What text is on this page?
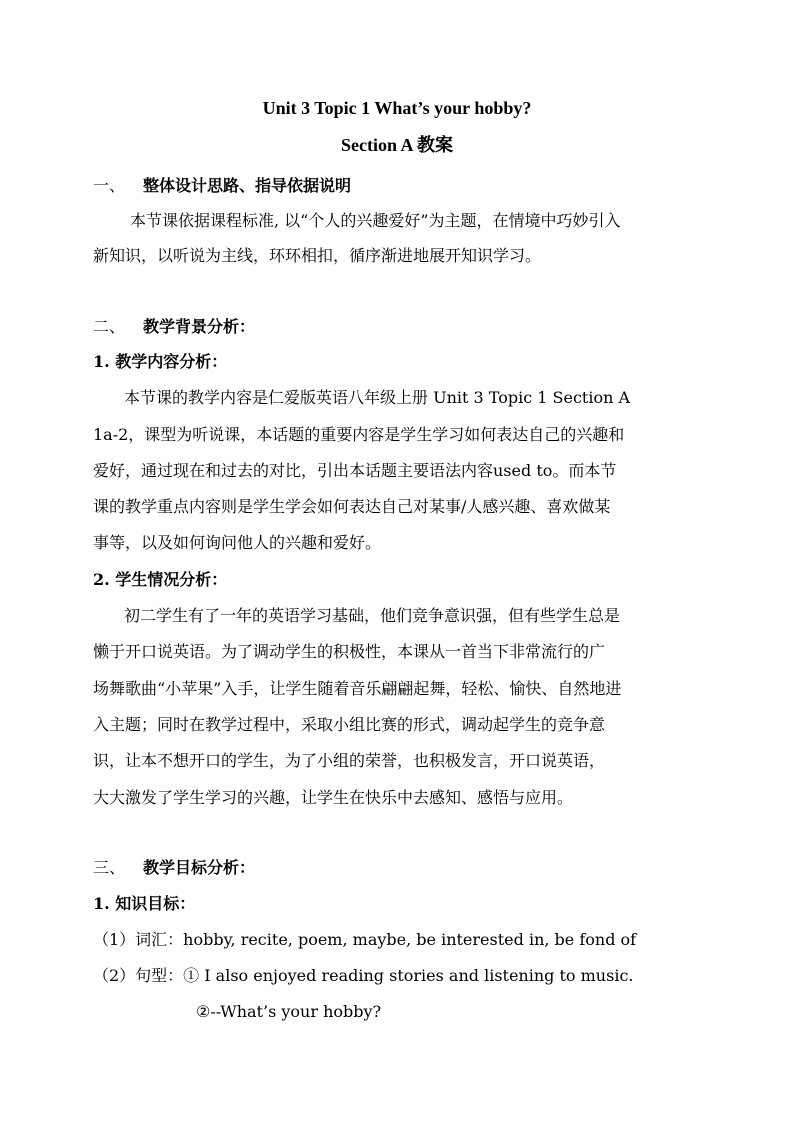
Unit 3 Topic 1 What’s your hobby?
Section A 教案
一、 整体设计思路、指导依据说明
本节课依据课程标准, 以“个人的兴趣爱好”为主题，在情境中巧妙引入
新知识，以听说为主线，环环相扣，循序渐进地展开知识学习。
二、 教学背景分析：
1. 教学内容分析：
本节课的教学内容是仁爱版英语八年级上册 Unit 3 Topic 1 Section A
1a-2，课型为听说课，本话题的重要内容是学生学习如何表达自己的兴趣和
爱好，通过现在和过去的对比，引出本话题主要语法内容used to。而本节
课的教学重点内容则是学生学会如何表达自己对某事/人感兴趣、喜欢做某
事等，以及如何询问他人的兴趣和爱好。
2. 学生情况分析：
初二学生有了一年的英语学习基础，他们竞争意识强，但有些学生总是
懒于开口说英语。为了调动学生的积极性，本课从一首当下非常流行的广
场舞歌曲“小苹果”入手，让学生随着音乐翩翩起舞，轻松、愉快、自然地进
入主题；同时在教学过程中，采取小组比赛的形式，调动起学生的竞争意
识，让本不想开口的学生，为了小组的荣誉，也积极发言，开口说英语，
大大激发了学生学习的兴趣，让学生在快乐中去感知、感悟与应用。
三、 教学目标分析：
1. 知识目标：
（1）词汇：hobby, recite, poem, maybe, be interested in, be fond of
（2）句型：① I also enjoyed reading stories and listening to music.
②--What’s your hobby?
